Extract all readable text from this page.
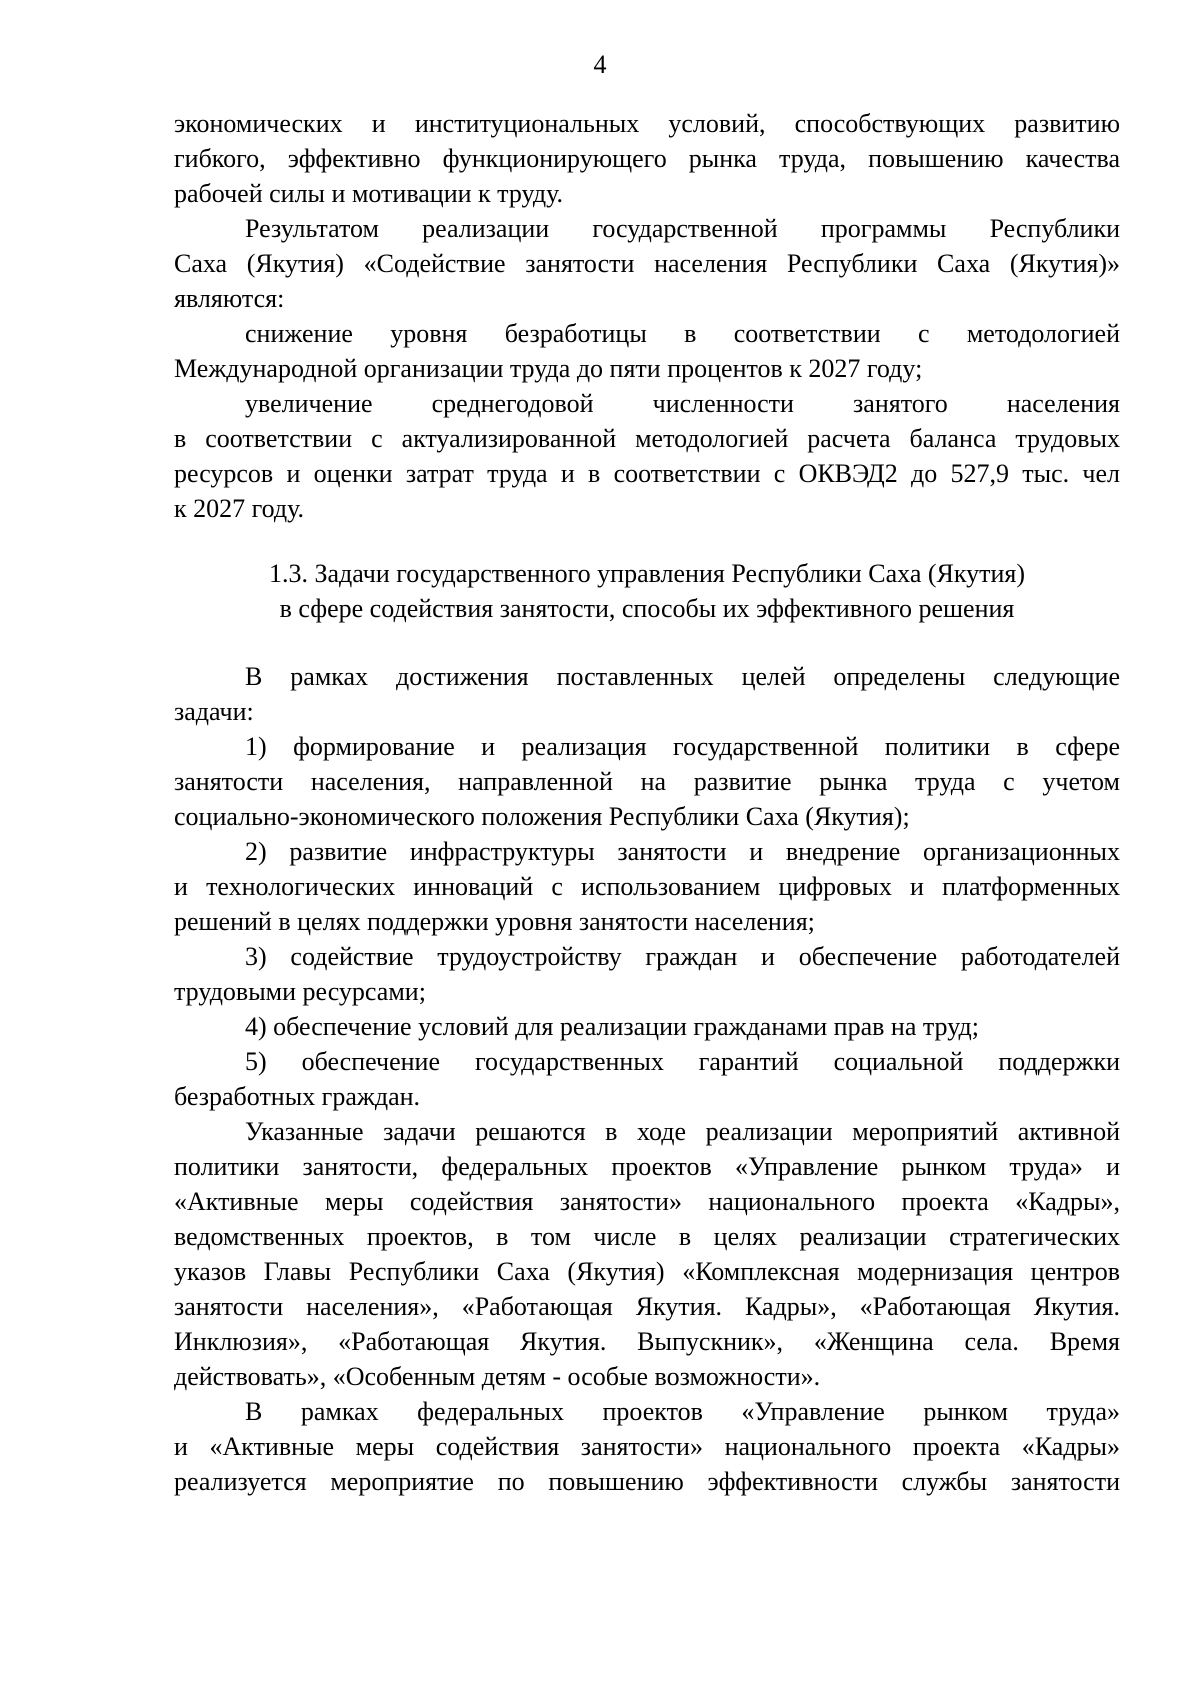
4
экономических и институциональных условий, способствующих развитию
гибкого, эффективно функционирующего рынка труда, повышению качества
рабочей силы и мотивации к труду.
Результатом реализации государственной программы Республики
Саха (Якутия) «Содействие занятости населения Республики Саха (Якутия)»
являются:
снижение уровня безработицы в соответствии с методологией
Международной организации труда до пяти процентов к 2027 году;
увеличение среднегодовой численности занятого населения
в соответствии с актуализированной методологией расчета баланса трудовых
ресурсов и оценки затрат труда и в соответствии с ОКВЭД2 до 527,9 тыс. чел
к 2027 году.
1.3. Задачи государственного управления Республики Саха (Якутия)
в сфере содействия занятости, способы их эффективного решения
В рамках достижения поставленных целей определены следующие
задачи:
1) формирование и реализация государственной политики в сфере
занятости населения, направленной на развитие рынка труда с учетом
социально-экономического положения Республики Саха (Якутия);
2) развитие инфраструктуры занятости и внедрение организационных
и технологических инноваций с использованием цифровых и платформенных
решений в целях поддержки уровня занятости населения;
3) содействие трудоустройству граждан и обеспечение работодателей
трудовыми ресурсами;
4) обеспечение условий для реализации гражданами прав на труд;
5) обеспечение государственных гарантий социальной поддержки
безработных граждан.
Указанные задачи решаются в ходе реализации мероприятий активной
политики занятости, федеральных проектов «Управление рынком труда» и
«Активные меры содействия занятости» национального проекта «Кадры»,
ведомственных проектов, в том числе в целях реализации стратегических
указов Главы Республики Саха (Якутия) «Комплексная модернизация центров
занятости населения», «Работающая Якутия. Кадры», «Работающая Якутия.
Инклюзия», «Работающая Якутия. Выпускник», «Женщина села. Время
действовать», «Особенным детям - особые возможности».
В рамках федеральных проектов «Управление рынком труда»
и «Активные меры содействия занятости» национального проекта «Кадры»
реализуется мероприятие по повышению эффективности службы занятости
